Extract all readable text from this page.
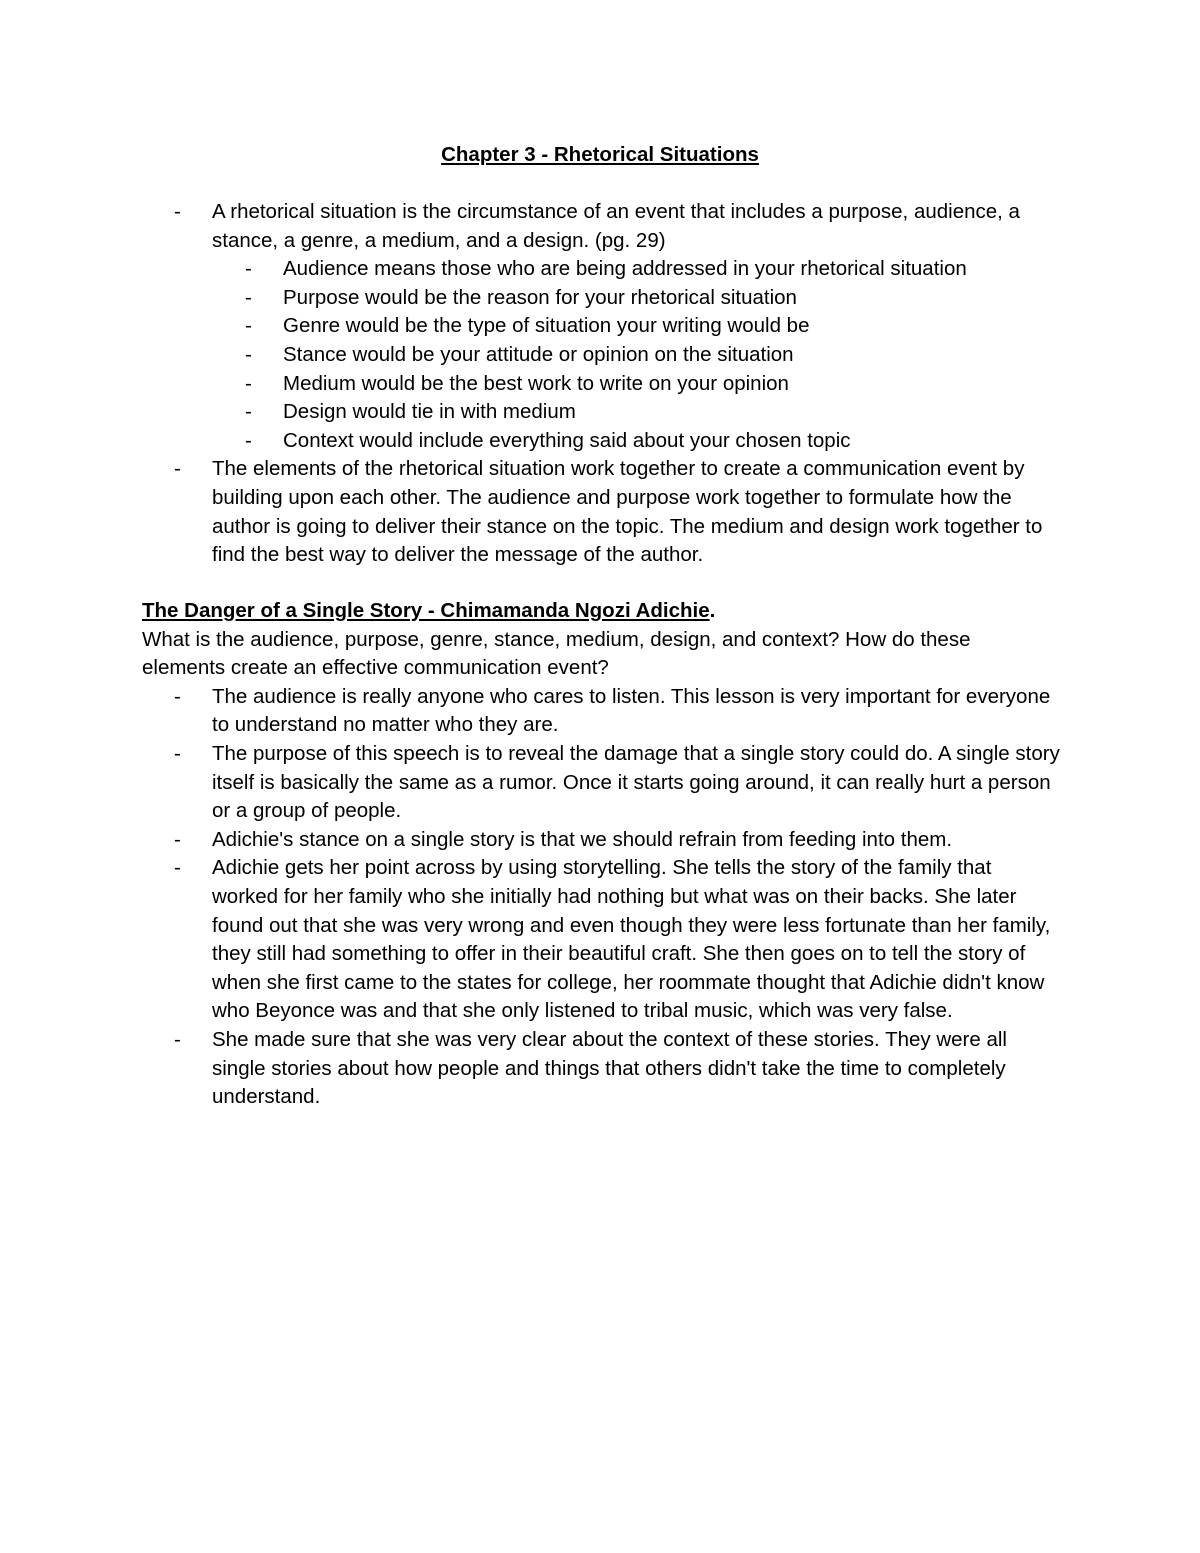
Chapter 3 - Rhetorical Situations
- A rhetorical situation is the circumstance of an event that includes a purpose, audience, a stance, a genre, a medium, and a design. (pg. 29)
- Audience means those who are being addressed in your rhetorical situation
- Purpose would be the reason for your rhetorical situation
- Genre would be the type of situation your writing would be
- Stance would be your attitude or opinion on the situation
- Medium would be the best work to write on your opinion
- Design would tie in with medium
- Context would include everything said about your chosen topic
- The elements of the rhetorical situation work together to create a communication event by building upon each other. The audience and purpose work together to formulate how the author is going to deliver their stance on the topic. The medium and design work together to find the best way to deliver the message of the author.
The Danger of a Single Story - Chimamanda Ngozi Adichie.

What is the audience, purpose, genre, stance, medium, design, and context? How do these elements create an effective communication event?

- The audience is really anyone who cares to listen. This lesson is very important for everyone to understand no matter who they are.
- The purpose of this speech is to reveal the damage that a single story could do. A single story itself is basically the same as a rumor. Once it starts going around, it can really hurt a person or a group of people.
- Adichie's stance on a single story is that we should refrain from feeding into them.
- Adichie gets her point across by using storytelling. She tells the story of the family that worked for her family who she initially had nothing but what was on their backs. She later found out that she was very wrong and even though they were less fortunate than her family, they still had something to offer in their beautiful craft. She then goes on to tell the story of when she first came to the states for college, her roommate thought that Adichie didn't know who Beyonce was and that she only listened to tribal music, which was very false.
- She made sure that she was very clear about the context of these stories. They were all single stories about how people and things that others didn't take the time to completely understand.
